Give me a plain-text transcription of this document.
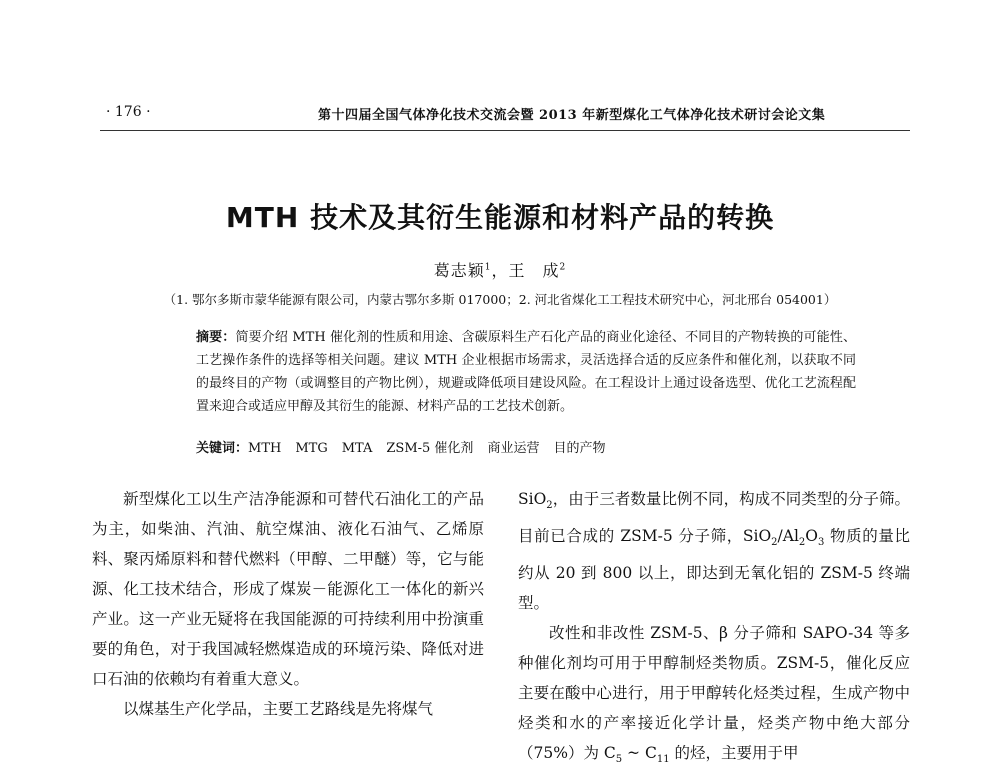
· 176 ·	第十四届全国气体净化技术交流会暨 2013 年新型煤化工气体净化技术研讨会论文集
MTH 技术及其衍生能源和材料产品的转换
葛志颖$^1$，王　成$^2$
（1. 鄂尔多斯市蒙华能源有限公司，内蒙古鄂尔多斯 017000；2. 河北省煤化工工程技术研究中心，河北邢台 054001）
摘要：简要介绍 MTH 催化剂的性质和用途、含碳原料生产石化产品的商业化途径、不同目的产物转换的可能性、工艺操作条件的选择等相关问题。建议 MTH 企业根据市场需求，灵活选择合适的反应条件和催化剂，以获取不同的最终目的产物（或调整目的产物比例），规避或降低项目建设风险。在工程设计上通过设备选型、优化工艺流程配置来迎合或适应甲醇及其衍生的能源、材料产品的工艺技术创新。
关键词：MTH MTG MTA ZSM-5 催化剂 商业运营 目的产物

新型煤化工以生产洁净能源和可替代石油化工的产品为主，如柴油、汽油、航空煤油、液化石油气、乙烯原料、聚丙烯原料和替代燃料（甲醇、二甲醚）等，它与能源、化工技术结合，形成了煤炭－能源化工一体化的新兴产业。这一产业无疑将在我国能源的可持续利用中扮演重要的角色，对于我国减轻燃煤造成的环境污染、降低对进口石油的依赖均有着重大意义。

以煤基生产化学品，主要工艺路线是先将煤气

SiO$_2$，由于三者数量比例不同，构成不同类型的分子筛。目前已合成的 ZSM-5 分子筛，$SiO_2/Al_2O_3$ 物质的量比约从 20 到 800 以上，即达到无氧化铝的 ZSM-5 终端型。

改性和非改性 ZSM-5、β 分子筛和 SAPO-34 等多种催化剂均可用于甲醇制烃类物质。ZSM-5，催化反应主要在酸中心进行，用于甲醇转化烃类过程，生成产物中烃类和水的产率接近化学计量，烃类产物中绝大部分（75%）为 $C_5$ ~ $C_{11}$ 的烃，主要用于甲
